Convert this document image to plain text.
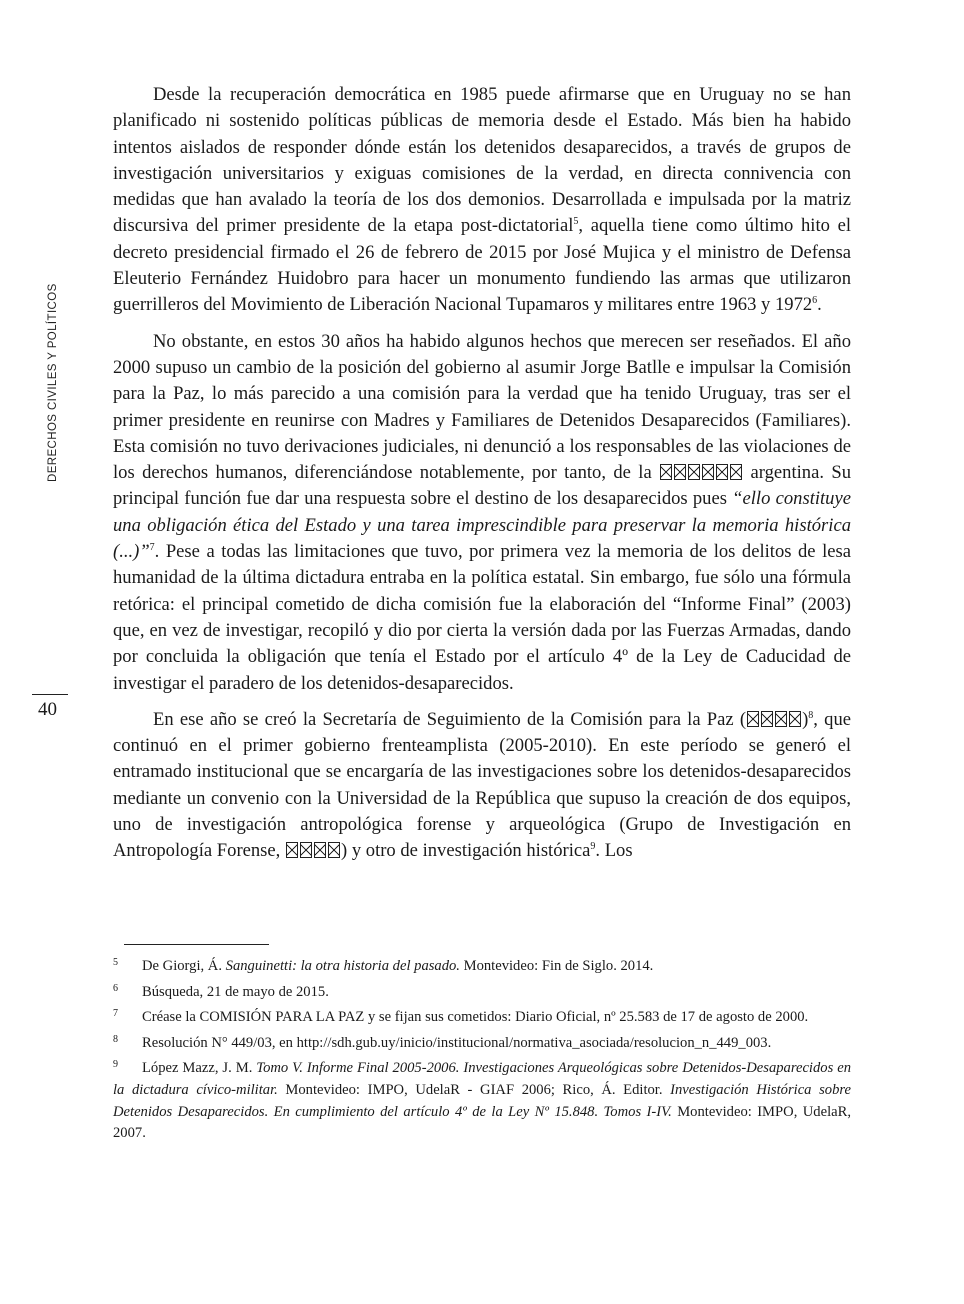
DERECHOS CIVILES Y POLÍTICOS
40

Desde la recuperación democrática en 1985 puede afirmarse que en Uruguay no se han planificado ni sostenido políticas públicas de memoria desde el Estado. Más bien ha habido intentos aislados de responder dónde están los detenidos desaparecidos, a través de grupos de investigación universitarios y exiguas comisiones de la verdad, en directa connivencia con medidas que han avalado la teoría de los dos demonios. Desarrollada e impulsada por la matriz discursiva del primer presidente de la etapa post-dictatorial$^5$, aquella tiene como último hito el decreto presidencial firmado el 26 de febrero de 2015 por José Mujica y el ministro de Defensa Eleuterio Fernández Huidobro para hacer un monumento fundiendo las armas que utilizaron guerrilleros del Movimiento de Liberación Nacional Tupamaros y militares entre 1963 y 1972$^6$.

No obstante, en estos 30 años ha habido algunos hechos que merecen ser reseñados. El año 2000 supuso un cambio de la posición del gobierno al asumir Jorge Batlle e impulsar la Comisión para la Paz, lo más parecido a una comisión para la verdad que ha tenido Uruguay, tras ser el primer presidente en reunirse con Madres y Familiares de Detenidos Desaparecidos (Familiares). Esta comisión no tuvo derivaciones judiciales, ni denunció a los responsables de las violaciones de los derechos humanos, diferenciándose notablemente, por tanto, de la	argentina. Su principal función fue dar una respuesta sobre el destino de los desaparecidos pues “ello constituye una obligación ética del Estado y una tarea imprescindible para preservar la memoria histórica (...)”$^7$. Pese a todas las limitaciones que tuvo, por primera vez la memoria de los delitos de lesa humanidad de la última dictadura entraba en la política estatal. Sin embargo, fue sólo una fórmula retórica: el principal cometido de dicha comisión fue la elaboración del “Informe Final” (2003) que, en vez de investigar, recopiló y dio por cierta la versión dada por las Fuerzas Armadas, dando por concluida la obligación que tenía el Estado por el artículo 4º de la Ley de Caducidad de investigar el paradero de los detenidos-desaparecidos.

En ese año se creó la Secretaría de Seguimiento de la Comisión para la Paz (	)$^8$, que continuó en el primer gobierno frenteamplista (2005-2010). En este período se generó el entramado institucional que se encargaría de las investigaciones sobre los detenidos-desaparecidos mediante un convenio con la Universidad de la República que supuso la creación de dos equipos, uno de investigación antropológica forense y arqueológica (Grupo de Investigación en Antropología Forense,	) y otro de investigación histórica$^9$. Los

5 De Giorgi, Á. Sanguinetti: la otra historia del pasado. Montevideo: Fin de Siglo. 2014.

6 Búsqueda, 21 de mayo de 2015.

7 Créase la COMISIÓN PARA LA PAZ y se fijan sus cometidos: Diario Oficial, nº 25.583 de 17 de agosto de 2000.

8 Resolución N° 449/03, en http://sdh.gub.uy/inicio/institucional/normativa_asociada/resolucion_n_449_003.

9 López Mazz, J. M. Tomo V. Informe Final 2005-2006. Investigaciones Arqueológicas sobre Detenidos-Desaparecidos en la dictadura cívico-militar. Montevideo: IMPO, UdelaR - GIAF 2006; Rico, Á. Editor. Investigación Histórica sobre Detenidos Desaparecidos. En cumplimiento del artículo 4º de la Ley Nº 15.848. Tomos I-IV. Montevideo: IMPO, UdelaR, 2007.
